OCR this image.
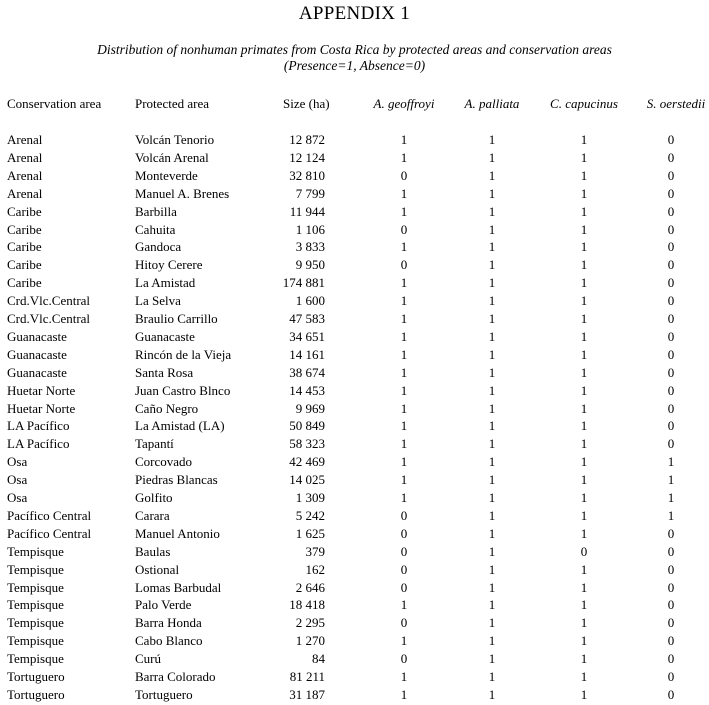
APPENDIX 1
Distribution of nonhuman primates from Costa Rica by protected areas and conservation areas
(Presence=1, Absence=0)
Conservation area	Protected area	Size (ha)	A. geoffroyi	A. palliata	C. capucinus	S. oerstedii
Arenal	Volcán Tenorio	12 872	1	1	1	0
Arenal	Volcán Arenal	12 124	1	1	1	0
Arenal	Monteverde	32 810	0	1	1	0
Arenal	Manuel A. Brenes	7 799	1	1	1	0
Caribe	Barbilla	11 944	1	1	1	0
Caribe	Cahuita	1 106	0	1	1	0
Caribe	Gandoca	3 833	1	1	1	0
Caribe	Hitoy Cerere	9 950	0	1	1	0
Caribe	La Amistad	174 881	1	1	1	0
Crd.Vlc.Central	La Selva	1 600	1	1	1	0
Crd.Vlc.Central	Braulio Carrillo	47 583	1	1	1	0
Guanacaste	Guanacaste	34 651	1	1	1	0
Guanacaste	Rincón de la Vieja	14 161	1	1	1	0
Guanacaste	Santa Rosa	38 674	1	1	1	0
Huetar Norte	Juan Castro Blnco	14 453	1	1	1	0
Huetar Norte	Caño Negro	9 969	1	1	1	0
LA Pacífico	La Amistad (LA)	50 849	1	1	1	0
LA Pacífico	Tapantí	58 323	1	1	1	0
Osa	Corcovado	42 469	1	1	1	1
Osa	Piedras Blancas	14 025	1	1	1	1
Osa	Golfito	1 309	1	1	1	1
Pacífico Central	Carara	5 242	0	1	1	1
Pacífico Central	Manuel Antonio	1 625	0	1	1	0
Tempisque	Baulas	379	0	1	0	0
Tempisque	Ostional	162	0	1	1	0
Tempisque	Lomas Barbudal	2 646	0	1	1	0
Tempisque	Palo Verde	18 418	1	1	1	0
Tempisque	Barra Honda	2 295	0	1	1	0
Tempisque	Cabo Blanco	1 270	1	1	1	0
Tempisque	Curú	84	0	1	1	0
Tortuguero	Barra Colorado	81 211	1	1	1	0
Tortuguero	Tortuguero	31 187	1	1	1	0
